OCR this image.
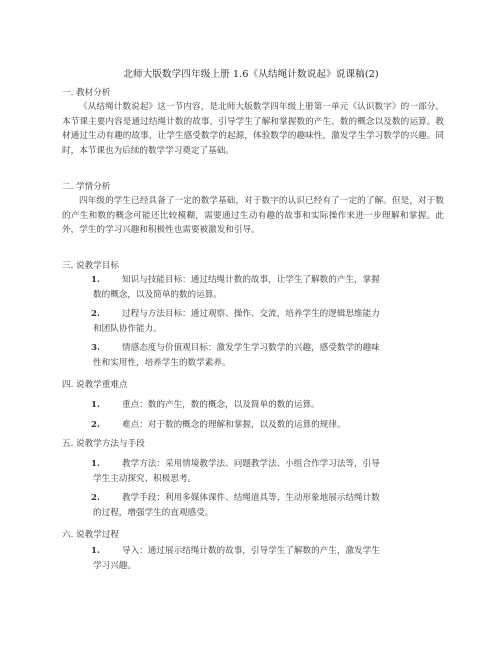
北师大版数学四年级上册 1.6《从结绳计数说起》说课稿(2)
一. 教材分析

《从结绳计数说起》这一节内容，是北师大版数学四年级上册第一单元《认识数字》的一部分。本节课主要内容是通过结绳计数的故事，引导学生了解和掌握数的产生、数的概念以及数的运算。教材通过生动有趣的故事，让学生感受数学的起源，体验数学的趣味性，激发学生学习数学的兴趣。同时，本节课也为后续的数学学习奠定了基础。

二. 学情分析

四年级的学生已经具备了一定的数学基础，对于数字的认识已经有了一定的了解。但是，对于数的产生和数的概念可能还比较模糊，需要通过生动有趣的故事和实际操作来进一步理解和掌握。此外，学生的学习兴趣和积极性也需要被激发和引导。

三. 说教学目标
1.	知识与技能目标：通过结绳计数的故事，让学生了解数的产生，掌握
数的概念，以及简单的数的运算。
2.	过程与方法目标：通过观察、操作、交流，培养学生的逻辑思维能力
和团队协作能力。
3.	情感态度与价值观目标：激发学生学习数学的兴趣，感受数学的趣味
性和实用性，培养学生的数学素养。
四. 说教学重难点
1.	重点：数的产生，数的概念，以及简单的数的运算。
2.	难点：对于数的概念的理解和掌握，以及数的运算的规律。
五. 说教学方法与手段
1.	教学方法：采用情境教学法、问题教学法、小组合作学习法等，引导
学生主动探究、积极思考。
2.	教学手段：利用多媒体课件、结绳道具等，生动形象地展示结绳计数
的过程，增强学生的直观感受。
六. 说教学过程
1.	导入：通过展示结绳计数的故事，引导学生了解数的产生，激发学生
学习兴趣。
